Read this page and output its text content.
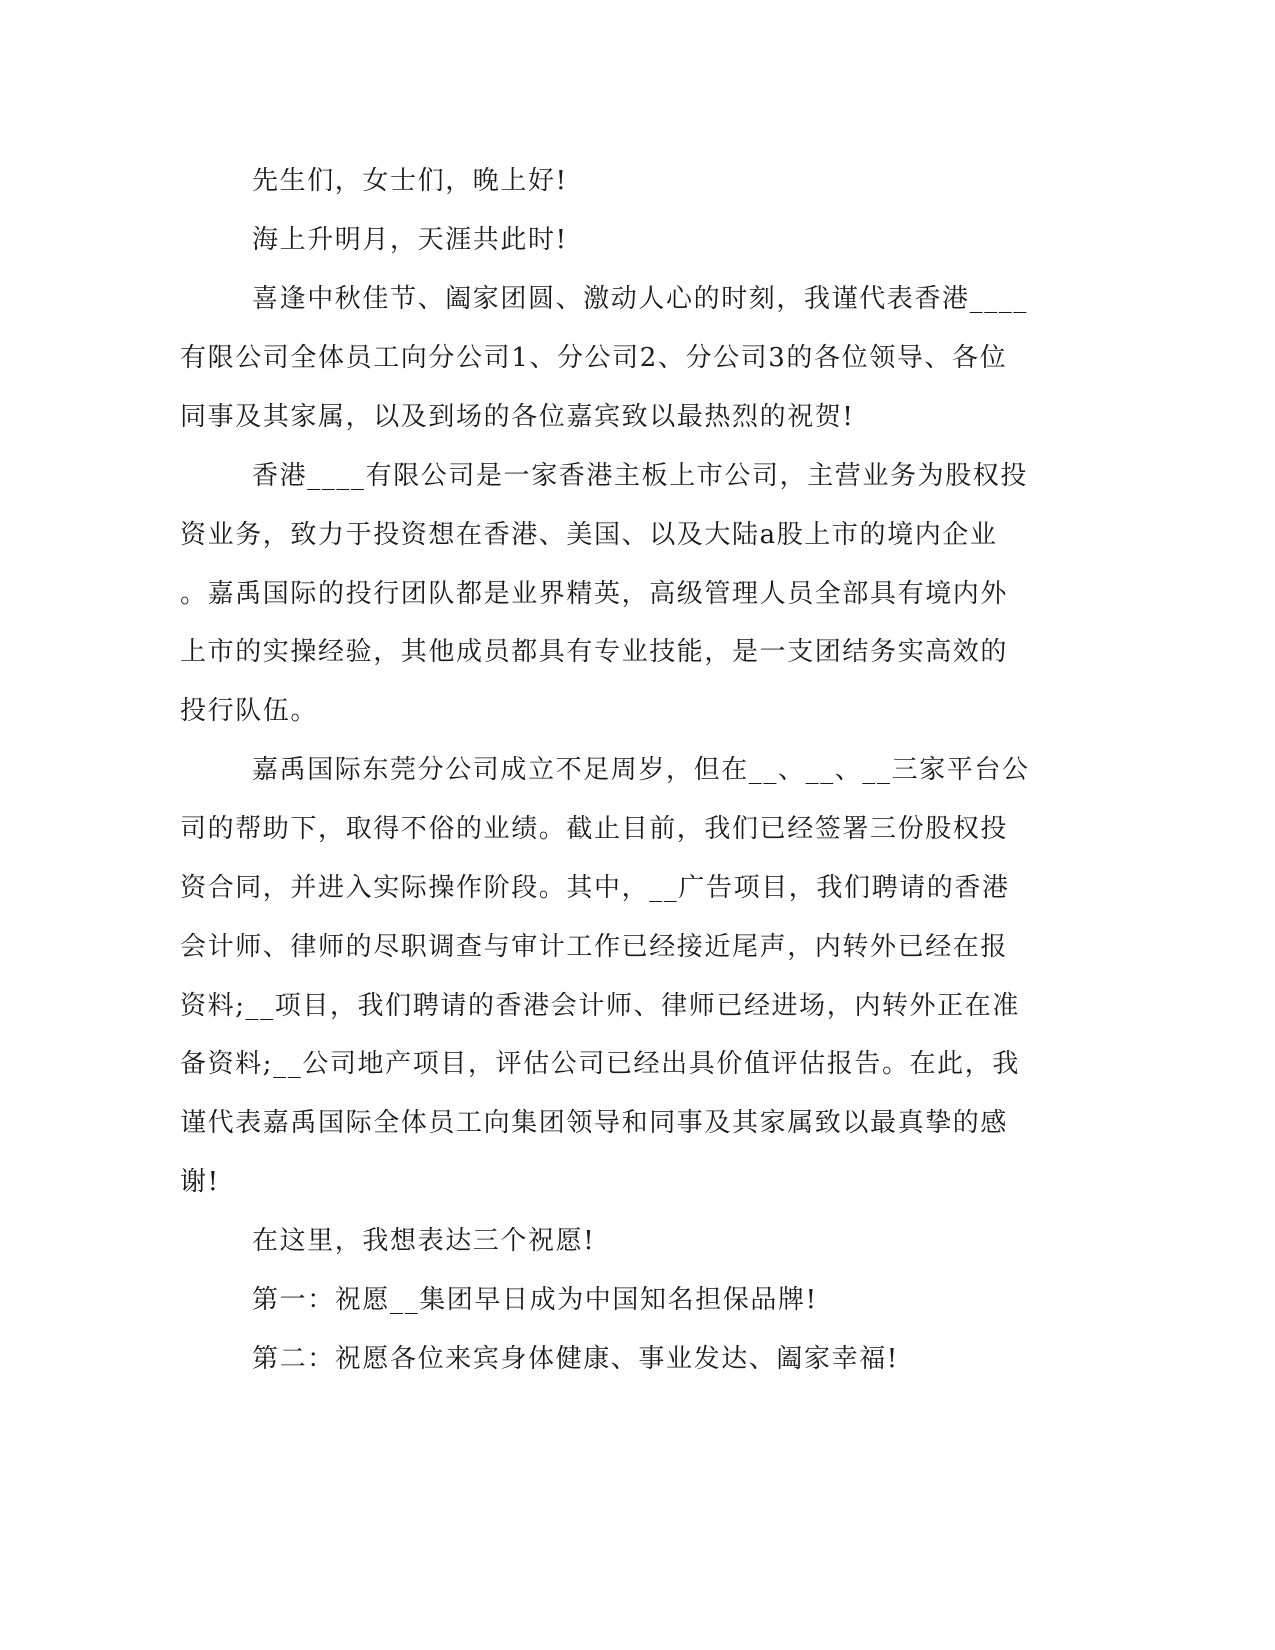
先生们，女士们，晚上好!
海上升明月，天涯共此时!
喜逢中秋佳节、阖家团圆、激动人心的时刻，我谨代表香港____
有限公司全体员工向分公司1、分公司2、分公司3的各位领导、各位
同事及其家属，以及到场的各位嘉宾致以最热烈的祝贺!
香港____有限公司是一家香港主板上市公司，主营业务为股权投
资业务，致力于投资想在香港、美国、以及大陆a股上市的境内企业
。嘉禹国际的投行团队都是业界精英，高级管理人员全部具有境内外
上市的实操经验，其他成员都具有专业技能，是一支团结务实高效的
投行队伍。
嘉禹国际东莞分公司成立不足周岁，但在__、__、__三家平台公
司的帮助下，取得不俗的业绩。截止目前，我们已经签署三份股权投
资合同，并进入实际操作阶段。其中，__广告项目，我们聘请的香港
会计师、律师的尽职调查与审计工作已经接近尾声，内转外已经在报
资料;__项目，我们聘请的香港会计师、律师已经进场，内转外正在准
备资料;__公司地产项目，评估公司已经出具价值评估报告。在此，我
谨代表嘉禹国际全体员工向集团领导和同事及其家属致以最真挚的感
谢!
在这里，我想表达三个祝愿!
第一：祝愿__集团早日成为中国知名担保品牌!
第二：祝愿各位来宾身体健康、事业发达、阖家幸福!
